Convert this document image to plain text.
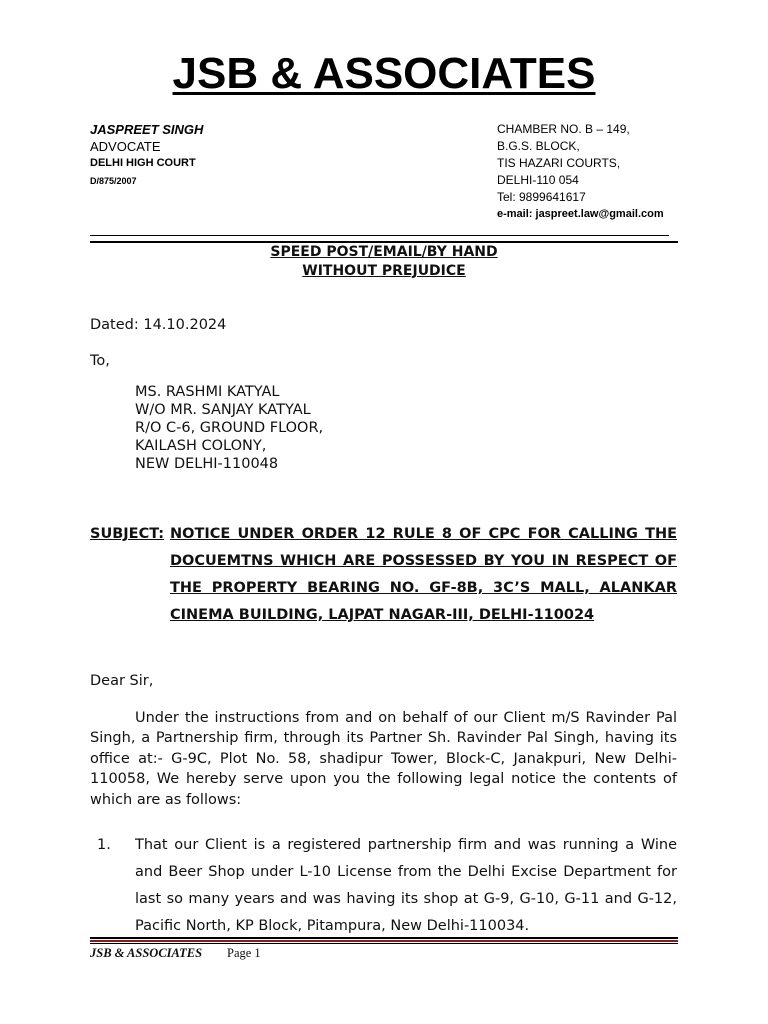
JSB & ASSOCIATES
JASPREET SINGH
ADVOCATE
DELHI HIGH COURT
D/875/2007
CHAMBER NO. B – 149,
B.G.S. BLOCK,
TIS HAZARI COURTS,
DELHI-110 054
Tel: 9899641617
e-mail: jaspreet.law@gmail.com
SPEED POST/EMAIL/BY HAND
WITHOUT PREJUDICE
Dated: 14.10.2024
To,
MS. RASHMI KATYAL
W/O MR. SANJAY KATYAL
R/O C-6, GROUND FLOOR,
KAILASH COLONY,
NEW DELHI-110048
SUBJECT: NOTICE UNDER ORDER 12 RULE 8 OF CPC FOR CALLING THE DOCUEMTNS WHICH ARE POSSESSED BY YOU IN RESPECT OF THE PROPERTY BEARING NO. GF-8B, 3C’S MALL, ALANKAR CINEMA BUILDING, LAJPAT NAGAR-III, DELHI-110024
Dear Sir,
Under the instructions from and on behalf of our Client m/S Ravinder Pal Singh, a Partnership firm, through its Partner Sh. Ravinder Pal Singh, having its office at:- G-9C, Plot No. 58, shadipur Tower, Block-C, Janakpuri, New Delhi-110058, We hereby serve upon you the following legal notice the contents of which are as follows:
1. That our Client is a registered partnership firm and was running a Wine and Beer Shop under L-10 License from the Delhi Excise Department for last so many years and was having its shop at G-9, G-10, G-11 and G-12, Pacific North, KP Block, Pitampura, New Delhi-110034.
JSB & ASSOCIATES Page 1
